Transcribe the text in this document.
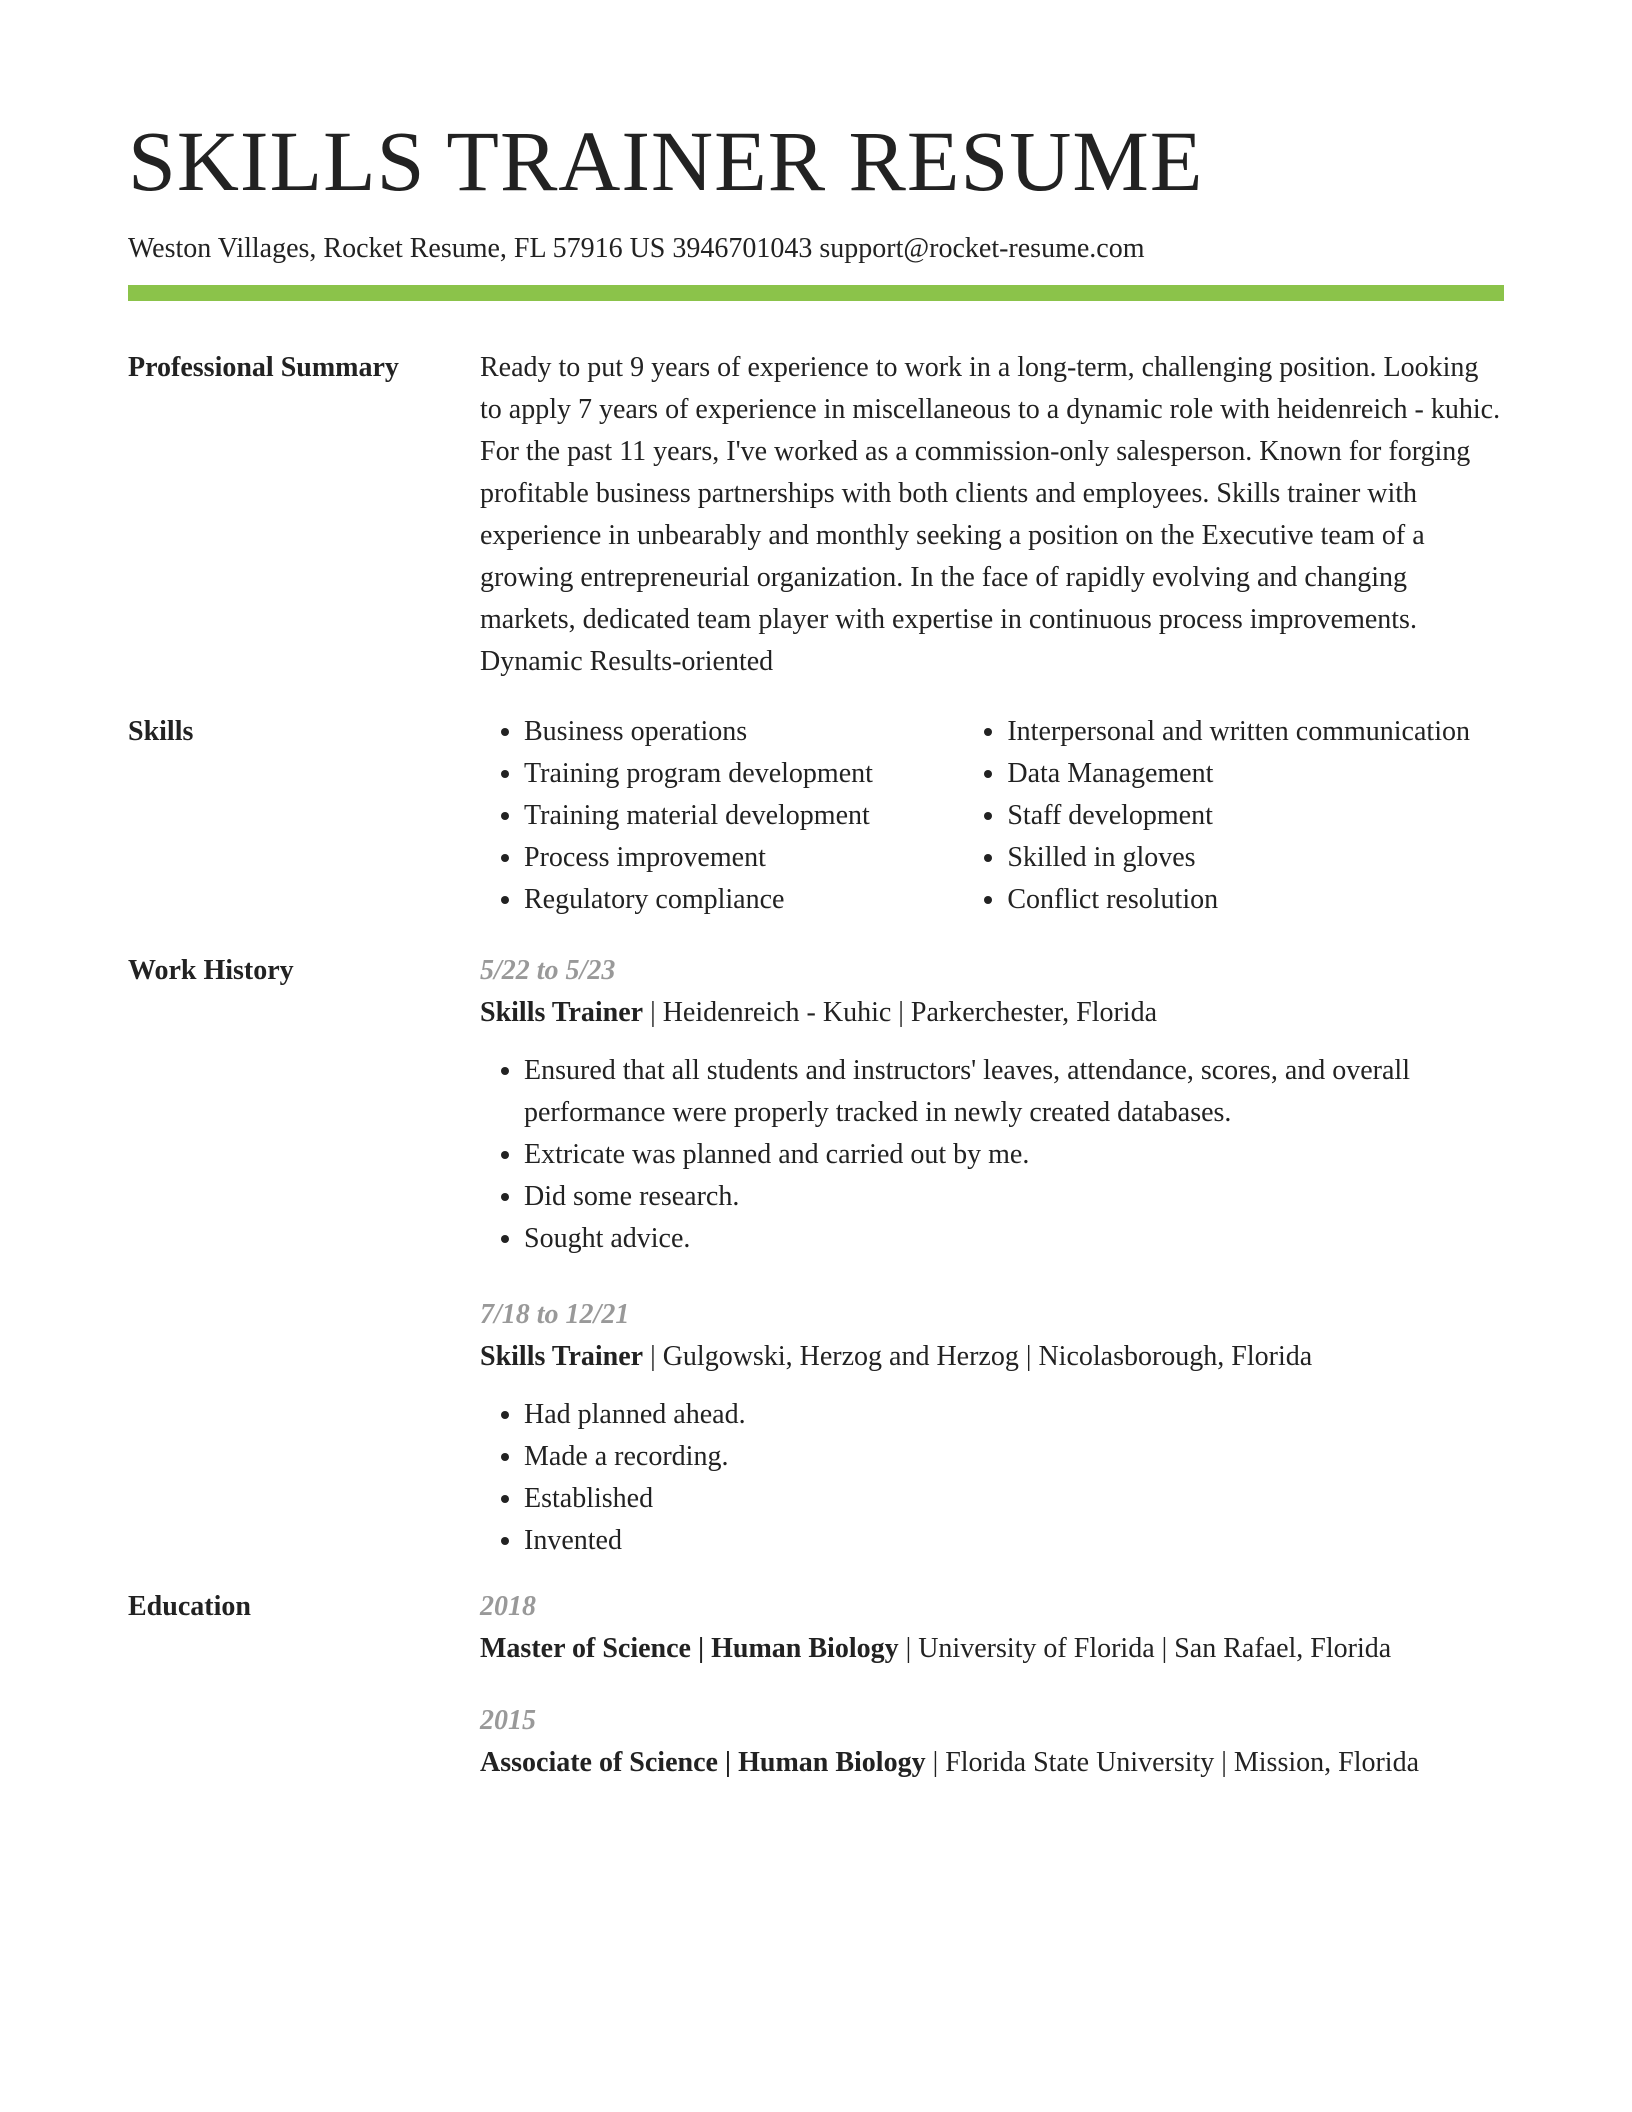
SKILLS TRAINER RESUME
Weston Villages, Rocket Resume, FL 57916 US 3946701043 support@rocket-resume.com
Professional Summary	Ready to put 9 years of experience to work in a long-term, challenging position. Looking to apply 7 years of experience in miscellaneous to a dynamic role with heidenreich - kuhic. For the past 11 years, I've worked as a commission-only salesperson. Known for forging profitable business partnerships with both clients and employees. Skills trainer with experience in unbearably and monthly seeking a position on the Executive team of a growing entrepreneurial organization. In the face of rapidly evolving and changing markets, dedicated team player with expertise in continuous process improvements. Dynamic Results-oriented

Skills
•	Business operations
• Training program development
• Training material development
• Process improvement
• Regulatory compliance
• Interpersonal and written communication
• Data Management
• Staff development
• Skilled in gloves
• Conflict resolution
Work History	5/22 to 5/23
Skills Trainer | Heidenreich - Kuhic | Parkerchester, Florida
• Ensured that all students and instructors' leaves, attendance, scores, and overall performance were properly tracked in newly created databases.
• Extricate was planned and carried out by me.
• Did some research.
• Sought advice.
7/18 to 12/21
Skills Trainer | Gulgowski, Herzog and Herzog | Nicolasborough, Florida
• Had planned ahead.
• Made a recording.
• Established
• Invented
Education	2018
Master of Science | Human Biology | University of Florida | San Rafael, Florida
2015
Associate of Science | Human Biology | Florida State University | Mission, Florida
